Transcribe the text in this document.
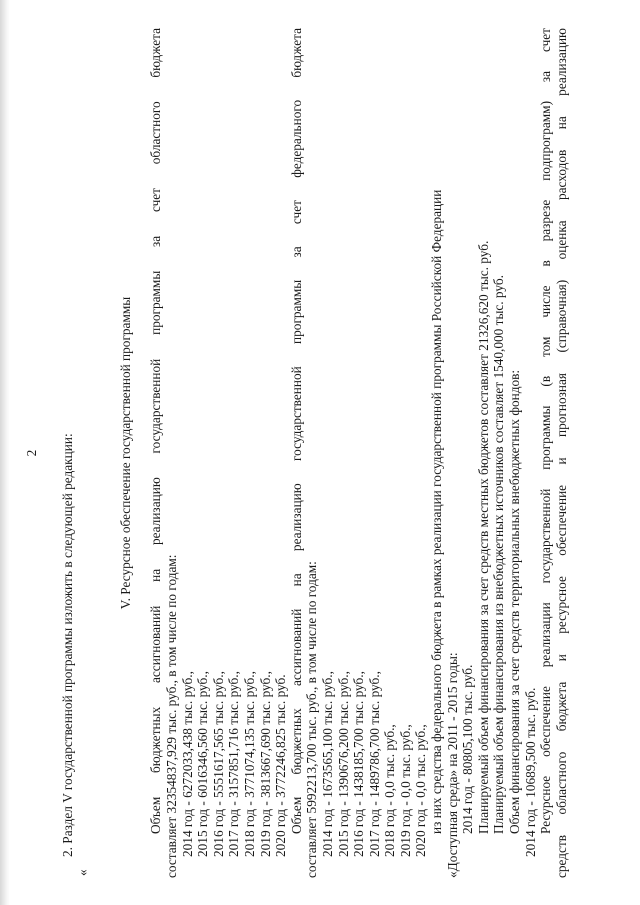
2 2. Раздел V государственной программы изложить в следующей редакции:
«
V. Ресурсное обеспечение государственной программы Объем бюджетных ассигнований на реализацию государственной программы за счет областного бюджета составляет 32354837,929 тыс. руб., в том числе по годам: 2014 год - 6272033,438 тыс. руб., 2015 год - 6016346,560 тыс. руб., 2016 год - 5551617,565 тыс. руб., 2017 год - 3157851,716 тыс. руб., 2018 год - 3771074,135 тыс. руб., 2019 год - 3813667,690 тыс. руб., 2020 год - 3772246,825 тыс. руб. Объем бюджетных ассигнований на реализацию государственной программы за счет федерального бюджета составляет 5992213,700 тыс. руб., в том числе по годам: 2014 год - 1673565,100 тыс. руб., 2015 год - 1390676,200 тыс. руб., 2016 год - 1438185,700 тыс. руб., 2017 год - 1489786,700 тыс. руб., 2018 год - 0,0 тыс. руб., 2019 год - 0,0 тыс. руб., 2020 год - 0,0 тыс. руб., из них средства федерального бюджета в рамках реализации государственной программы Российской Федерации «Доступная среда» на 2011 - 2015 годы: 2014 год - 80805,100 тыс. руб. Планируемый объем финансирования за счет средств местных бюджетов составляет 21326,620 тыс. руб. Планируемый объем финансирования из внебюджетных источников составляет 1540,000 тыс. руб. Объем финансирования за счет средств территориальных внебюджетных фондов: 2014 год - 10689,500 тыс. руб. Ресурсное обеспечение реализации государственной программы (в том числе в разрезе подпрограмм) за счет средств областного бюджета и ресурсное обеспечение и прогнозная (справочная) оценка расходов на реализацию
